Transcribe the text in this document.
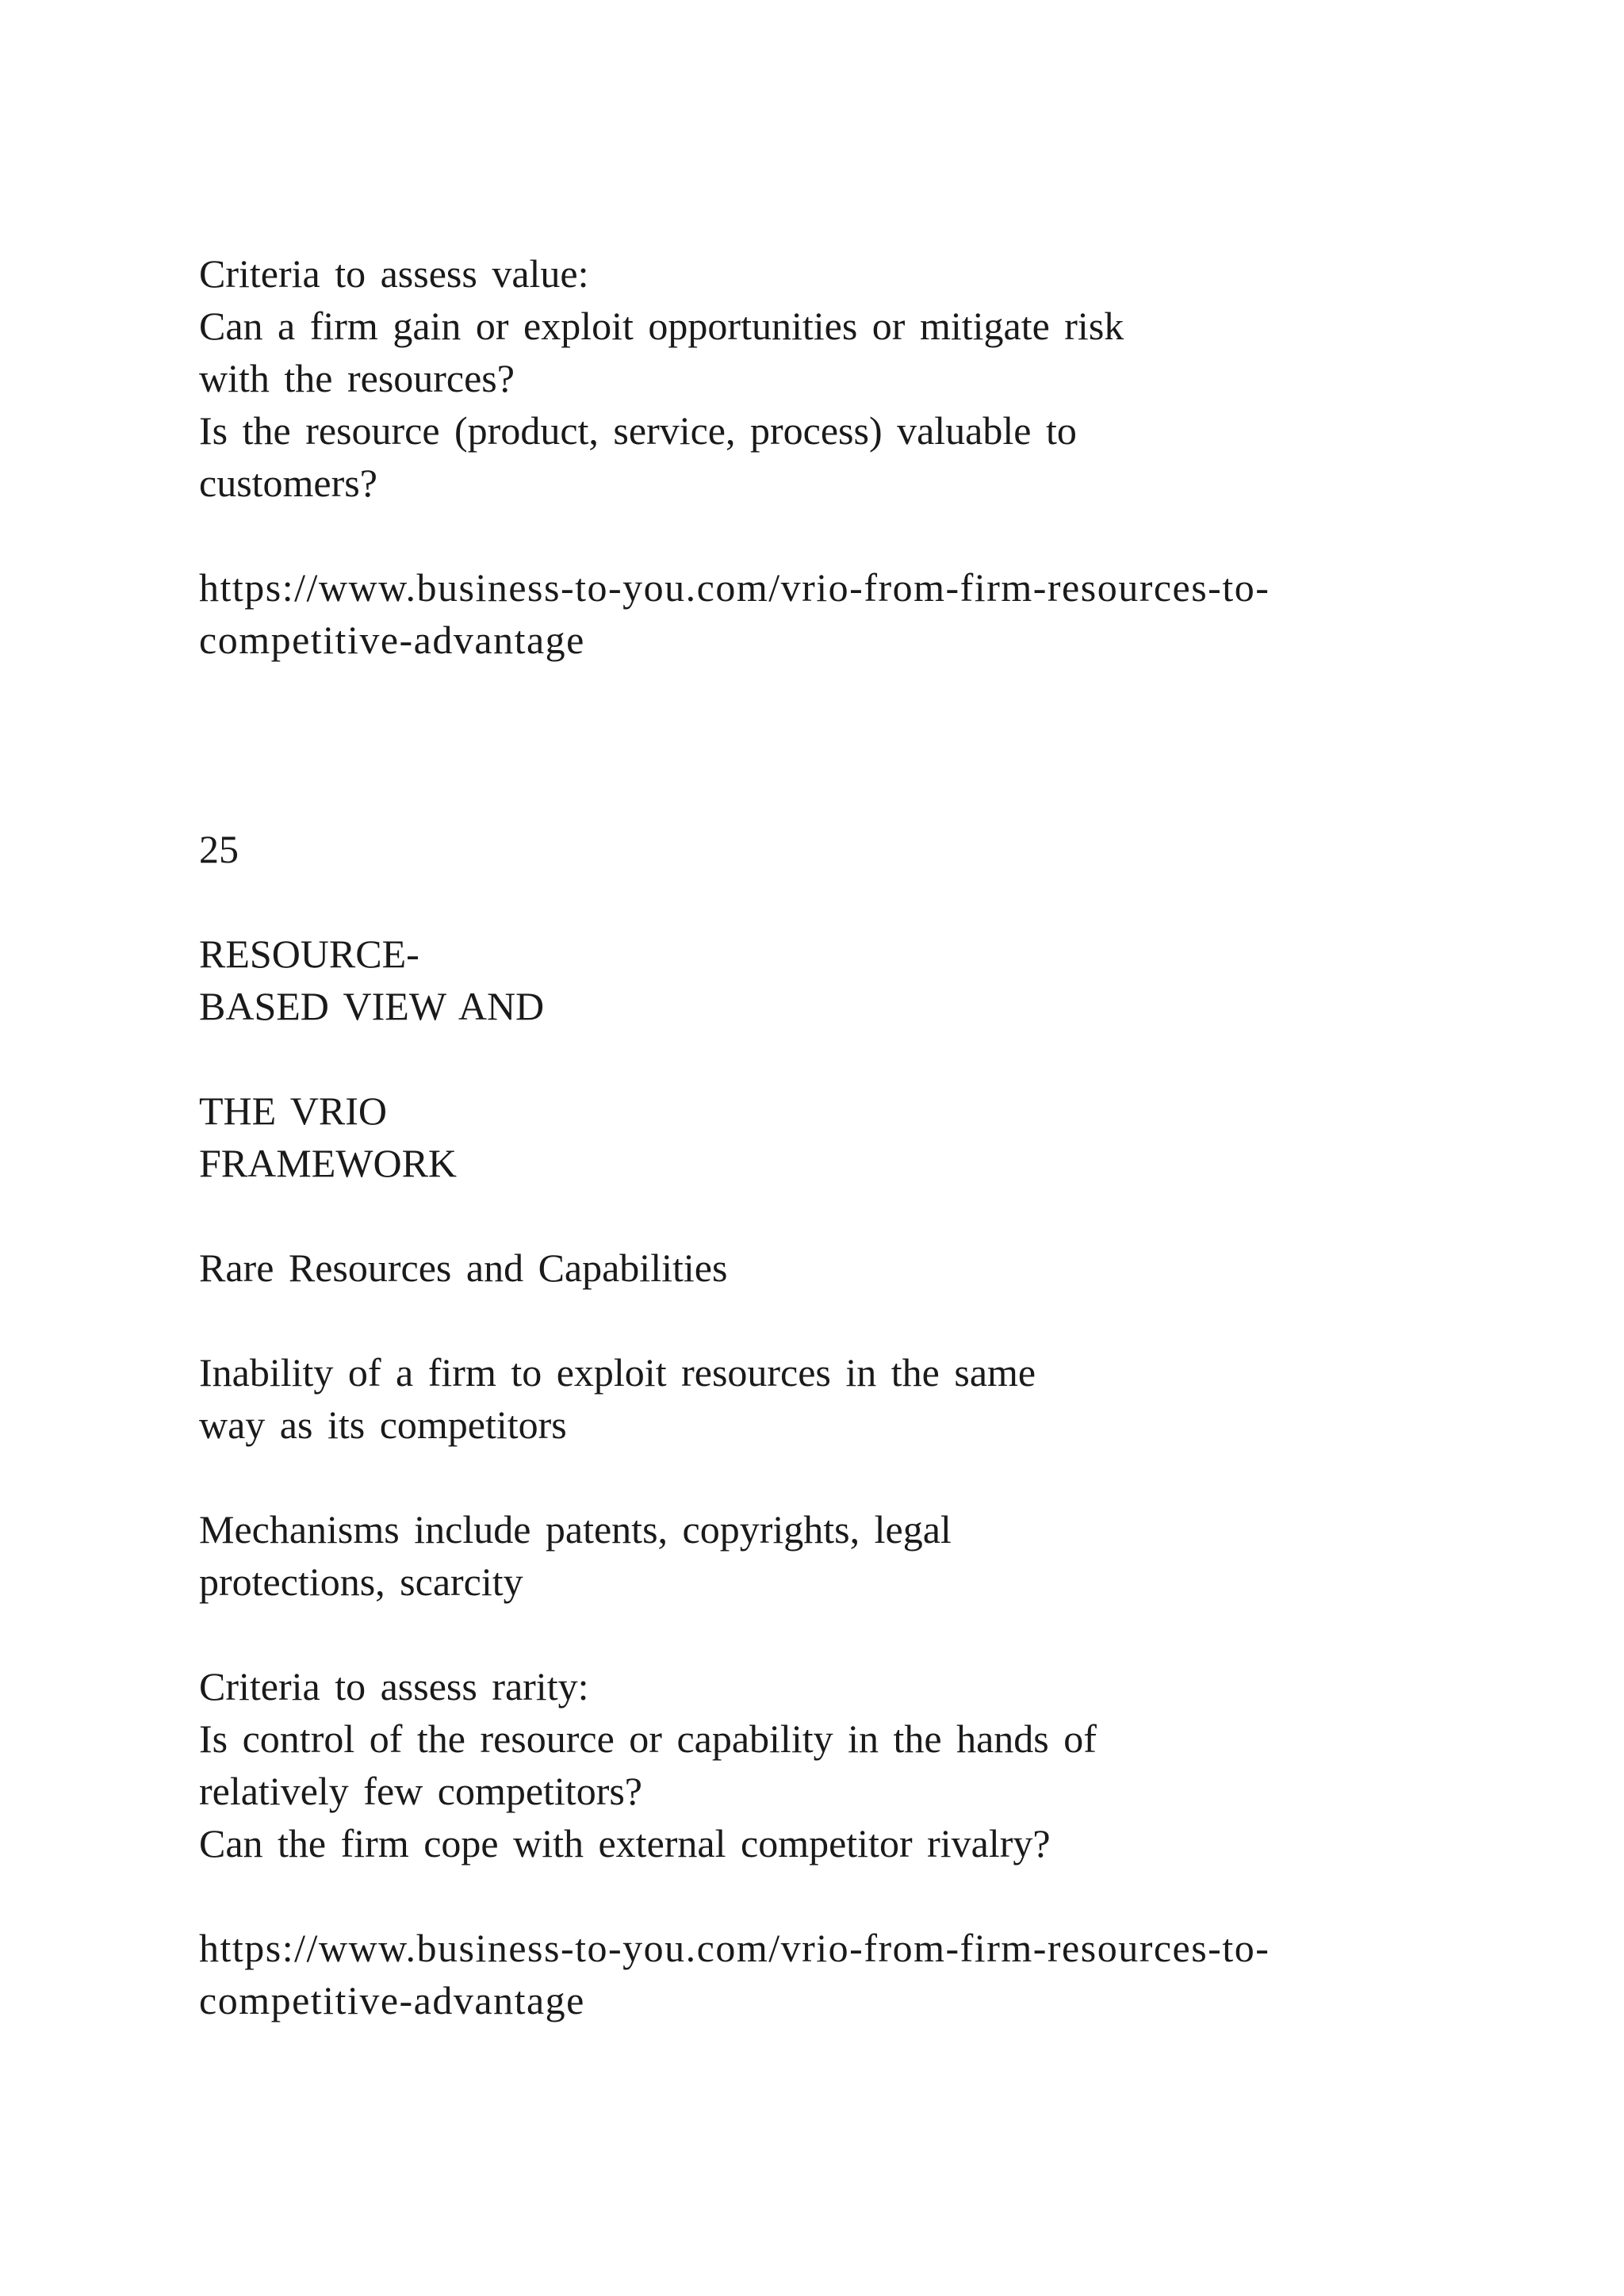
Criteria to assess value:

Can a firm gain or exploit opportunities or mitigate risk

with the resources?

Is the resource (product, service, process) valuable to

customers?

https://www.business-to-you.com/vrio-from-firm-resources-to-

competitive-advantage

25

RESOURCE-

BASED VIEW AND

THE VRIO

FRAMEWORK

Rare Resources and Capabilities

Inability of a firm to exploit resources in the same

way as its competitors

Mechanisms include patents, copyrights, legal

protections, scarcity

Criteria to assess rarity:

Is control of the resource or capability in the hands of

relatively few competitors?

Can the firm cope with external competitor rivalry?

https://www.business-to-you.com/vrio-from-firm-resources-to-

competitive-advantage
